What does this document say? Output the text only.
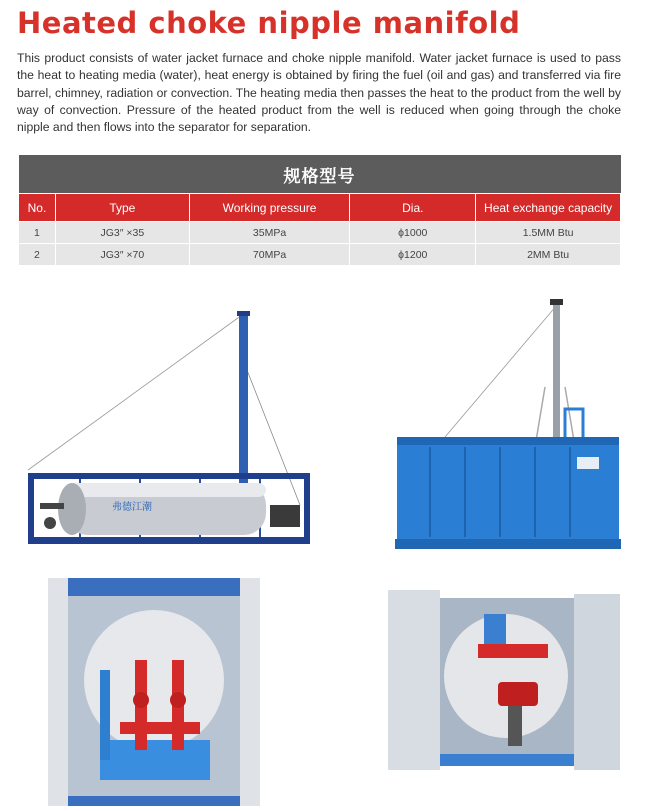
Heated choke nipple manifold

This product consists of water jacket furnace and choke nipple manifold. Water jacket furnace is used to pass the heat to heating media (water), heat energy is obtained by firing the fuel (oil and gas) and transferred via fire barrel, chimney, radiation or convection. The heating media then passes the heat to the product from the well by way of convection. Pressure of the heated product from the well is reduced when going through the choke nipple and then flows into the separator for separation.

规格型号				
No.	Type	Working pressure	Dia.	Heat exchange capacity
1	JG3″ ×35	35MPa	ϕ1000	1.5MM Btu
2	JG3″ ×70	70MPa	ϕ1200	2MM Btu
弗德江潮
